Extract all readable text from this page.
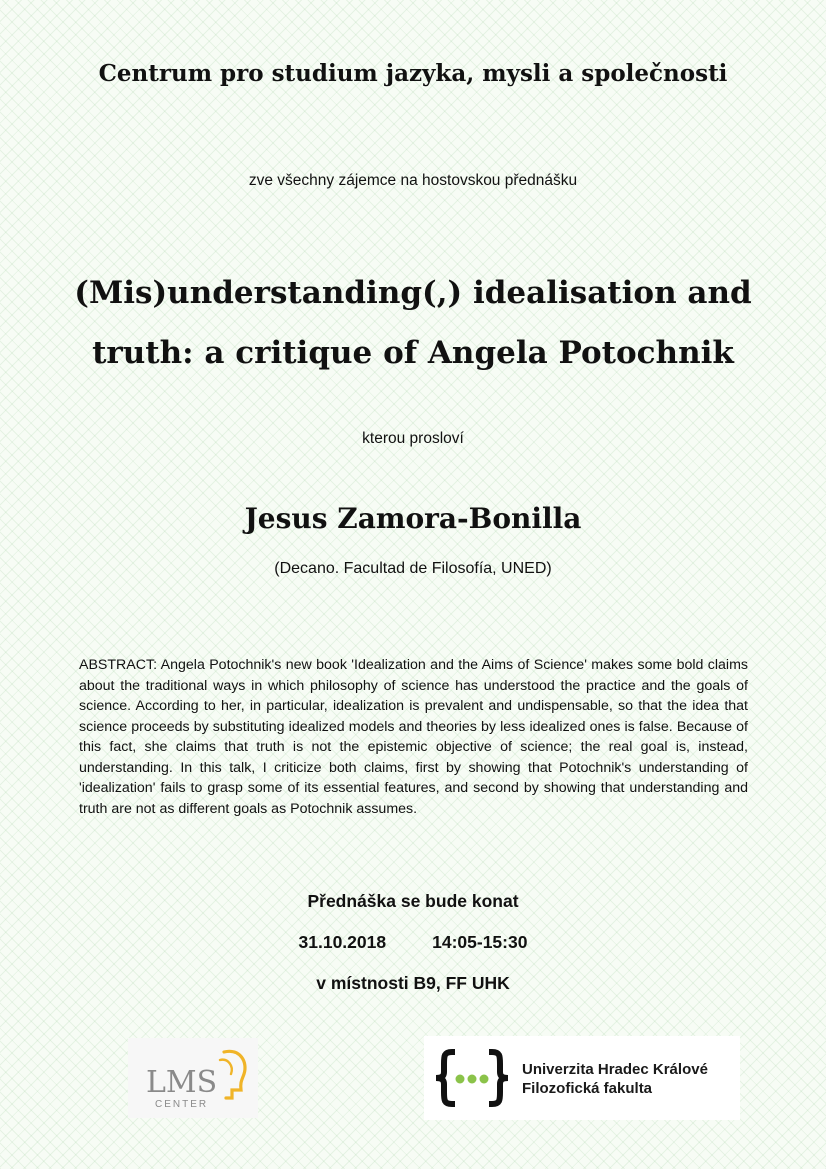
Centrum pro studium jazyka, mysli a společnosti
zve všechny zájemce na hostovskou přednášku
(Mis)understanding(,) idealisation and
truth: a critique of Angela Potochnik
kterou prosloví
Jesus Zamora-Bonilla
(Decano. Facultad de Filosofía, UNED)

ABSTRACT: Angela Potochnik's new book 'Idealization and the Aims of Science' makes some bold claims about the traditional ways in which philosophy of science has understood the practice and the goals of science. According to her, in particular, idealization is prevalent and undispensable, so that the idea that science proceeds by substituting idealized models and theories by less idealized ones is false. Because of this fact, she claims that truth is not the epistemic objective of science; the real goal is, instead, understanding. In this talk, I criticize both claims, first by showing that Potochnik's understanding of 'idealization' fails to grasp some of its essential features, and second by showing that understanding and truth are not as different goals as Potochnik assumes.

Přednáška se bude konat
31.10.2018	14:05-15:30
v místnosti B9, FF UHK
LMS
CENTER
Univerzita Hradec Králové
Filozofická fakulta
